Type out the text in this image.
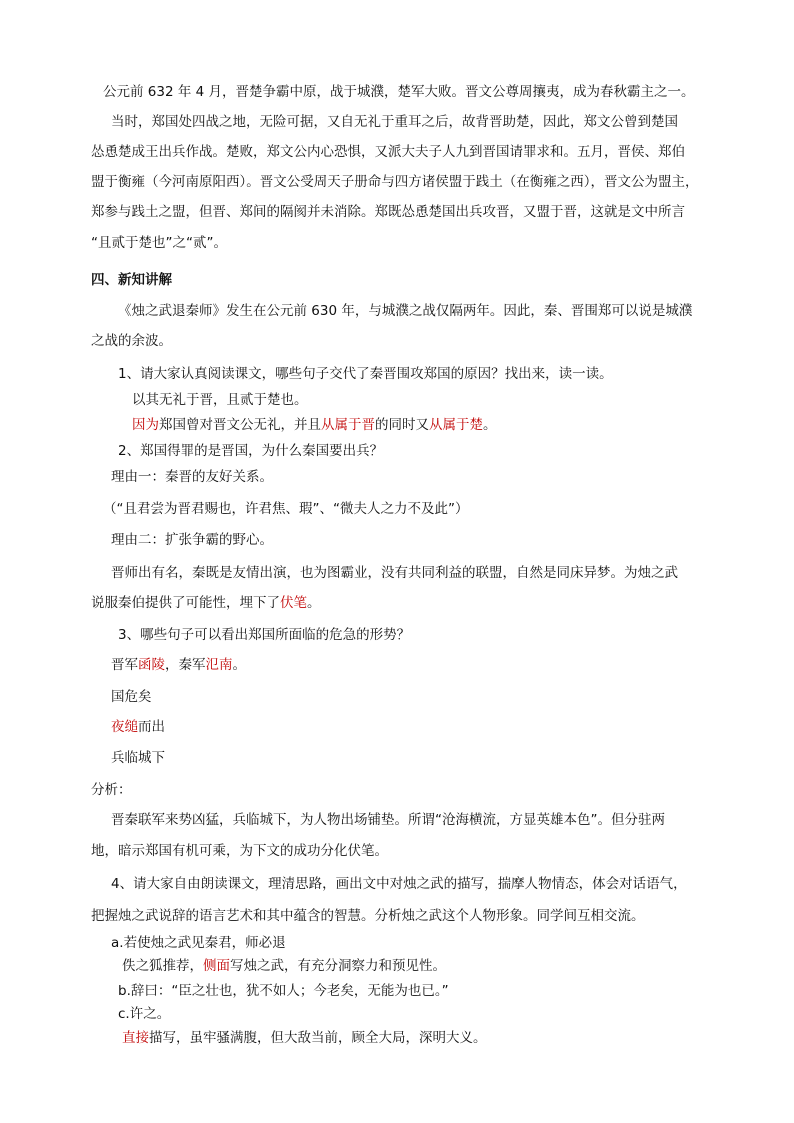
公元前 632 年 4 月，晋楚争霸中原，战于城濮，楚军大败。晋文公尊周攘夷，成为春秋霸主之一。
当时，郑国处四战之地，无险可据，又自无礼于重耳之后，故背晋助楚，因此，郑文公曾到楚国
怂恿楚成王出兵作战。楚败，郑文公内心恐惧，又派大夫子人九到晋国请罪求和。五月，晋侯、郑伯
盟于衡雍（今河南原阳西）。晋文公受周天子册命与四方诸侯盟于践土（在衡雍之西），晋文公为盟主，
郑参与践土之盟，但晋、郑间的隔阂并未消除。郑既怂恿楚国出兵攻晋，又盟于晋，这就是文中所言
“且贰于楚也”之“贰”。
四、新知讲解
《烛之武退秦师》发生在公元前 630 年，与城濮之战仅隔两年。因此，秦、晋围郑可以说是城濮
之战的余波。
1、请大家认真阅读课文，哪些句子交代了秦晋围攻郑国的原因？找出来，读一读。
以其无礼于晋，且贰于楚也。
因为郑国曾对晋文公无礼，并且从属于晋的同时又从属于楚。
2、郑国得罪的是晋国，为什么秦国要出兵？
理由一：秦晋的友好关系。
（“且君尝为晋君赐也，许君焦、瑕”、“微夫人之力不及此”）
理由二：扩张争霸的野心。
晋师出有名，秦既是友情出演，也为图霸业，没有共同利益的联盟，自然是同床异梦。为烛之武
说服秦伯提供了可能性，埋下了伏笔。
3、哪些句子可以看出郑国所面临的危急的形势？
晋军函陵，秦军氾南。
国危矣
夜缒而出
兵临城下
分析：
晋秦联军来势凶猛，兵临城下，为人物出场铺垫。所谓“沧海横流，方显英雄本色”。但分驻两
地，暗示郑国有机可乘，为下文的成功分化伏笔。
4、请大家自由朗读课文，理清思路，画出文中对烛之武的描写，揣摩人物情态，体会对话语气，
把握烛之武说辞的语言艺术和其中蕴含的智慧。分析烛之武这个人物形象。同学间互相交流。
a.若使烛之武见秦君，师必退
佚之狐推荐，侧面写烛之武，有充分洞察力和预见性。
b.辞曰：“臣之壮也，犹不如人；今老矣，无能为也已。”
c.许之。
直接描写，虽牢骚满腹，但大敌当前，顾全大局，深明大义。
